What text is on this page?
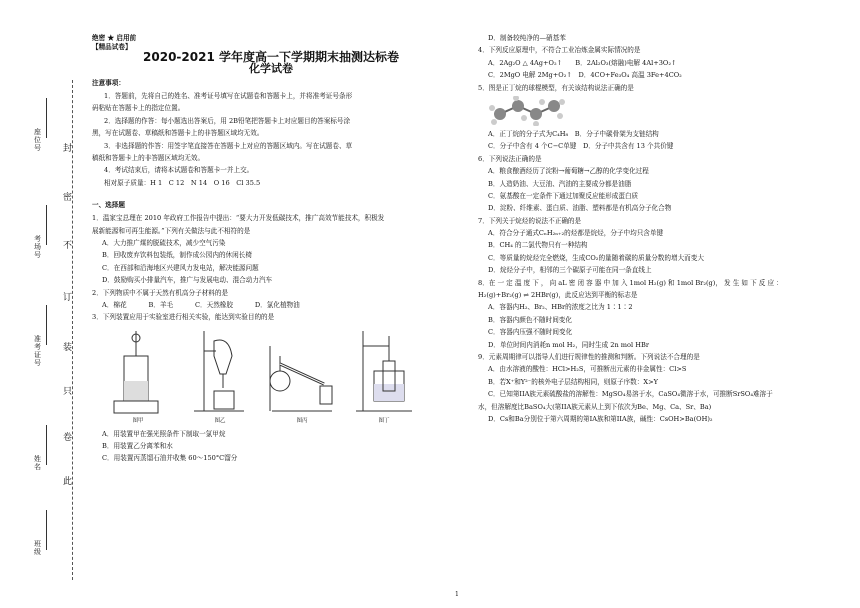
封
密
不
订
装
只
卷
此
座位号
考场号
准考证号
姓名
班级
绝密 ★ 启用前
【精品试卷】
2020-2021 学年度高一下学期期末抽测达标卷
化学试卷

注意事项：

1．答题前，先将自己的姓名、准考证号填写在试题卷和答题卡上，并将准考证号条形

码粘贴在答题卡上的指定位置。

2．选择题的作答：每小题选出答案后，用 2B铅笔把答题卡上对应题目的答案标号涂

黑，写在试题卷、草稿纸和答题卡上的非答题区域均无效。

3．非选择题的作答：用签字笔直接答在答题卡上对应的答题区域内。写在试题卷、草

稿纸和答题卡上的非答题区域均无效。

4．考试结束后，请将本试题卷和答题卡一并上交。

相对原子质量：H 1　C 12　N 14　O 16　Cl 35.5

一、选择题

1．温家宝总理在 2010 年政府工作报告中提出：“要大力开发低碳技术，推广高效节能技术，积极发

展新能源和可再生能源。”下列有关做法与此不相符的是

A．大力推广煤的脱硫技术，减少空气污染

B．回收废弃饮料包装纸，制作成公园内的休闲长椅

C．在西部和沿海地区兴建风力发电站，解决能源问题

D．鼓励购买小排量汽车，推广与发展电动、混合动力汽车

2．下列物质中不属于天然有机高分子材料的是

A．棉花   	B．羊毛   	C．天然橡胶   	D．氯化植物油

3．下列装置应用于实验室进行相关实验，能达到实验目的的是

图甲	图乙	图丙	图丁

A．用装置甲在强光照条件下制取一氯甲烷

B．用装置乙分离苯和水

C．用装置丙蒸馏石油并收集 60～150°C馏分

D．制备较纯净的—硝基苯

4．下列反应原理中，不符合工业冶炼金属实际情况的是

A．2Ag₂O △ 4Ag+O₂↑　　B．2Al₂O₃(熔融)电解 4Al+3O₂↑

C．2MgO 电解 2Mg+O₂↑　D．4CO+Fe₃O₄ 高温 3Fe+4CO₂

5．图是正丁烷的球棍模型，有关该结构说法正确的是

A．正丁烷的分子式为C₄H₈　B．分子中碳骨架为支链结构

C．分子中含有 4 个C−C单键　D．分子中共含有 13 个共价键

6．下列说法正确的是

A．粮食酿酒经历了淀粉→葡萄糖→乙醇的化学变化过程

B．人造奶油、大豆油、汽油的主要成分都是油脂

C．氨基酸在一定条件下通过加聚反应能形成蛋白质

D．淀粉、纤维素、蛋白质、油脂、塑料都是有机高分子化合物

7．下列关于烷烃的说法不正确的是

A．符合分子通式CₙH₂ₙ₊₂的烃都是烷烃，分子中均只含单键

B．CH₄ 的二氯代物只有一种结构

C．等质量的烷烃完全燃烧，生成CO₂的量随着碳的质量分数的增大而变大

D．烷烃分子中，相邻的三个碳原子可能在同一条直线上

8．在 一 定 温 度 下 ， 向 aL 密 闭 容 器 中 加 入 1mol H₂(g) 和 1mol Br₂(g)， 发 生 如 下 反 应 ：

H₂(g)+Br₂(g) ⇌ 2HBr(g)，此反应达到平衡的标志是

A．容器内H₂、Br₂、HBr的浓度之比为 1∶1∶2

B．容器内颜色不随时间变化

C．容器内压强不随时间变化

D．单位时间内消耗n mol H₂，同时生成 2n mol HBr

9．元素周期律可以指导人们进行规律性的推测和判断。下列说法不合理的是

A．由水溶液的酸性：HCl>H₂S，可推断出元素的非金属性：Cl>S

B．若X⁺和Y²⁻的核外电子层结构相同，则原子序数：X>Y

C．已知第IIA族元素硫酸盐的溶解性：MgSO₄易溶于水，CaSO₄微溶于水，可推断SrSO₄难溶于

水，但溶解度比BaSO₄大(第IIA族元素从上到下依次为Be、Mg、Ca、Sr、Ba)

D．Cs和Ba分别位于第六周期的第IA族和第IIA族，碱性：CsOH>Ba(OH)₂

1
